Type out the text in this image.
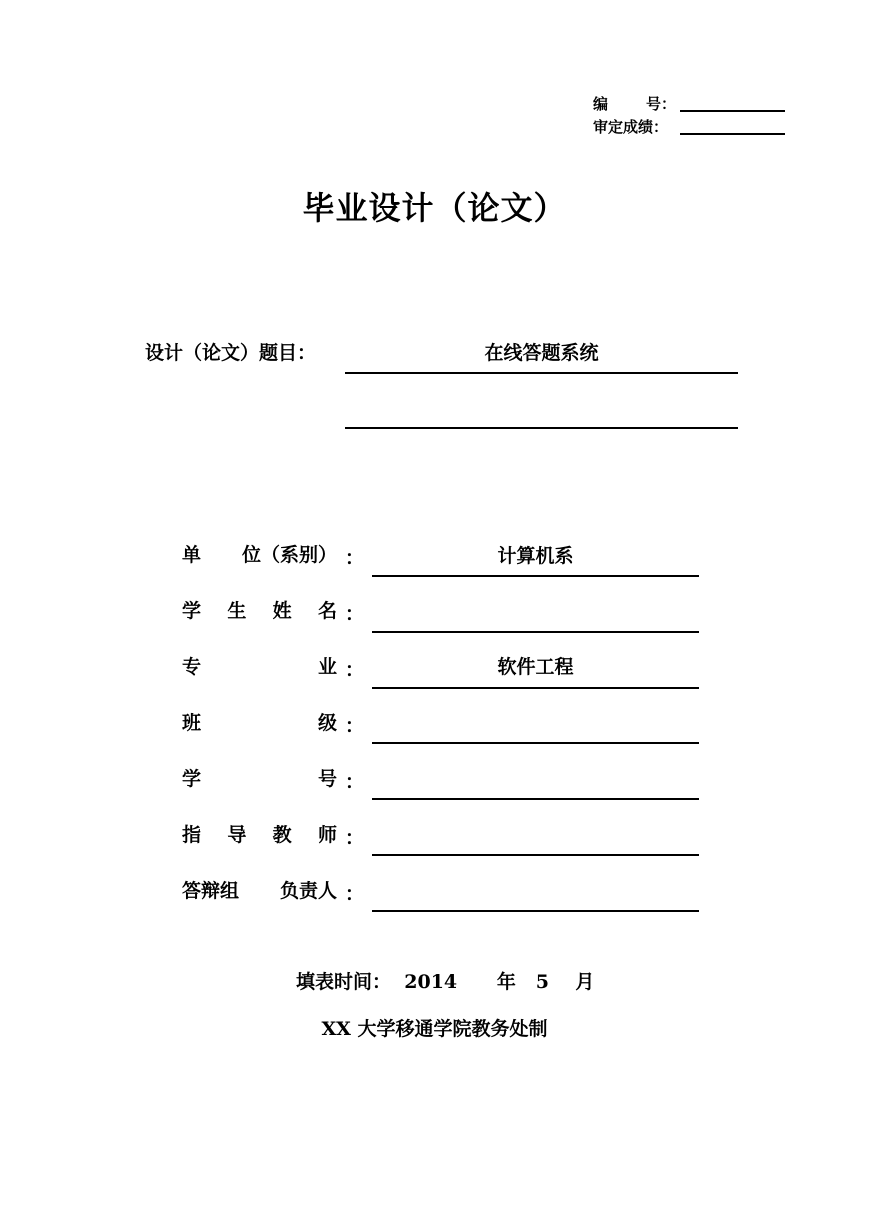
编	号：
审定成绩：
毕业设计（论文）
设计（论文）题目：	在线答题系统
单 位（系别） ：	计算机系
学 生 姓 名 ：
专	业 ：	软件工程
班	级 ：
学	号 ：
指 导 教 师 ：
答辩组 负责人 ：
填表时间： 2014 年 5 月
XX 大学移通学院教务处制
